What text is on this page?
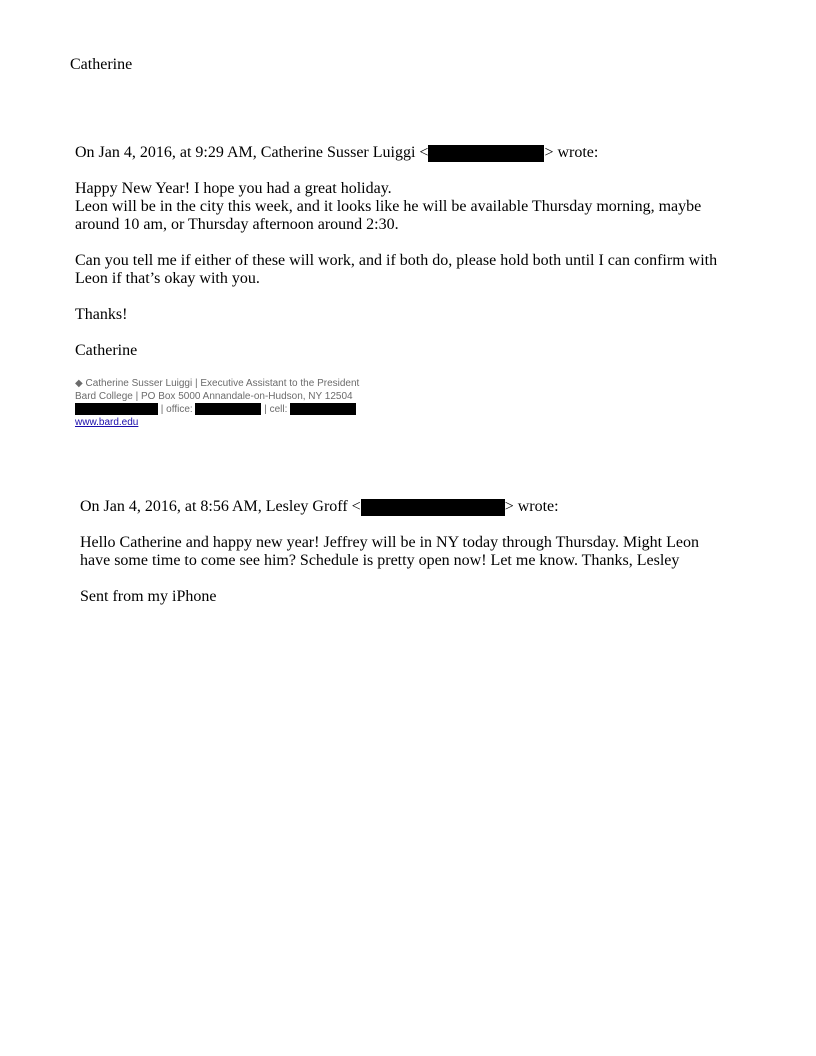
Catherine
On Jan 4, 2016, at 9:29 AM, Catherine Susser Luiggi <	> wrote:
Happy New Year! I hope you had a great holiday.
Leon will be in the city this week, and it looks like he will be available Thursday morning, maybe
around 10 am, or Thursday afternoon around 2:30.
Can you tell me if either of these will work, and if both do, please hold both until I can confirm with
Leon if that’s okay with you.
Thanks!
Catherine
◆ Catherine Susser Luiggi | Executive Assistant to the President
Bard College | PO Box 5000 Annandale-on-Hudson, NY 12504
| office:	| cell:
www.bard.edu
On Jan 4, 2016, at 8:56 AM, Lesley Groff <	> wrote:
Hello Catherine and happy new year! Jeffrey will be in NY today through Thursday. Might Leon
have some time to come see him? Schedule is pretty open now! Let me know. Thanks, Lesley
Sent from my iPhone
